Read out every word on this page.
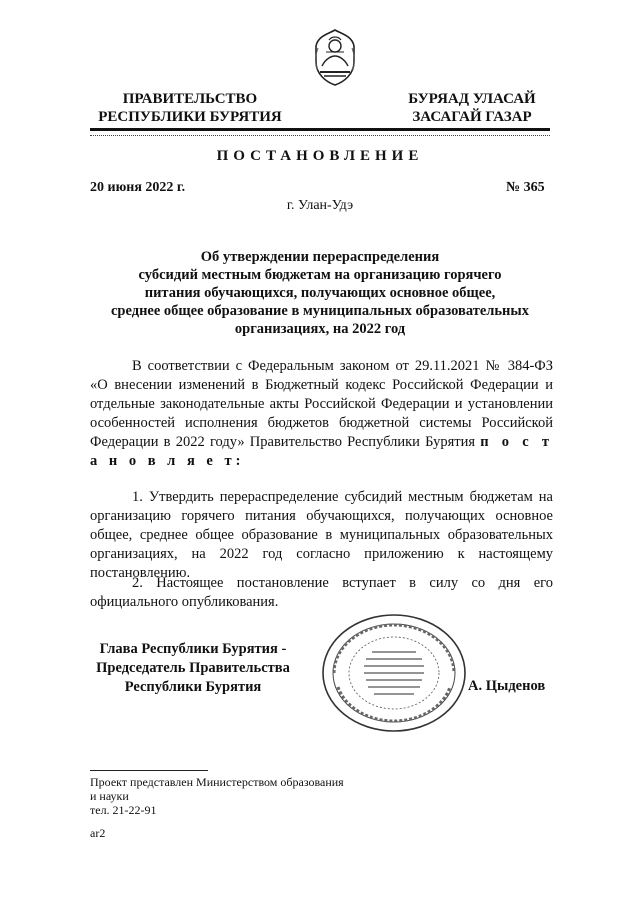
ПРАВИТЕЛЬСТВО
РЕСПУБЛИКИ БУРЯТИЯ
БУРЯАД УЛАСАЙ
ЗАСАГАЙ ГАЗАР
ПОСТАНОВЛЕНИЕ
20 июня 2022 г.	№ 365
г. Улан-Удэ
Об утверждении перераспределения
субсидий местным бюджетам на организацию горячего
питания обучающихся, получающих основное общее,
среднее общее образование в муниципальных образовательных
организациях, на 2022 год
В соответствии с Федеральным законом от 29.11.2021 № 384-ФЗ «О внесении изменений в Бюджетный кодекс Российской Федерации и отдельные законодательные акты Российской Федерации и установлении особенностей исполнения бюджетов бюджетной системы Российской Федерации в 2022 году» Правительство Республики Бурятия п о с т а н о в л я е т:
1. Утвердить перераспределение субсидий местным бюджетам на организацию горячего питания обучающихся, получающих основное общее, среднее общее образование в муниципальных образовательных организациях, на 2022 год согласно приложению к настоящему постановлению.
2. Настоящее постановление вступает в силу со дня его официального опубликования.
Глава Республики Бурятия -
Председатель Правительства
Республики Бурятия	А. Цыденов
Проект представлен Министерством образования
и науки
тел. 21-22-91
ar2
